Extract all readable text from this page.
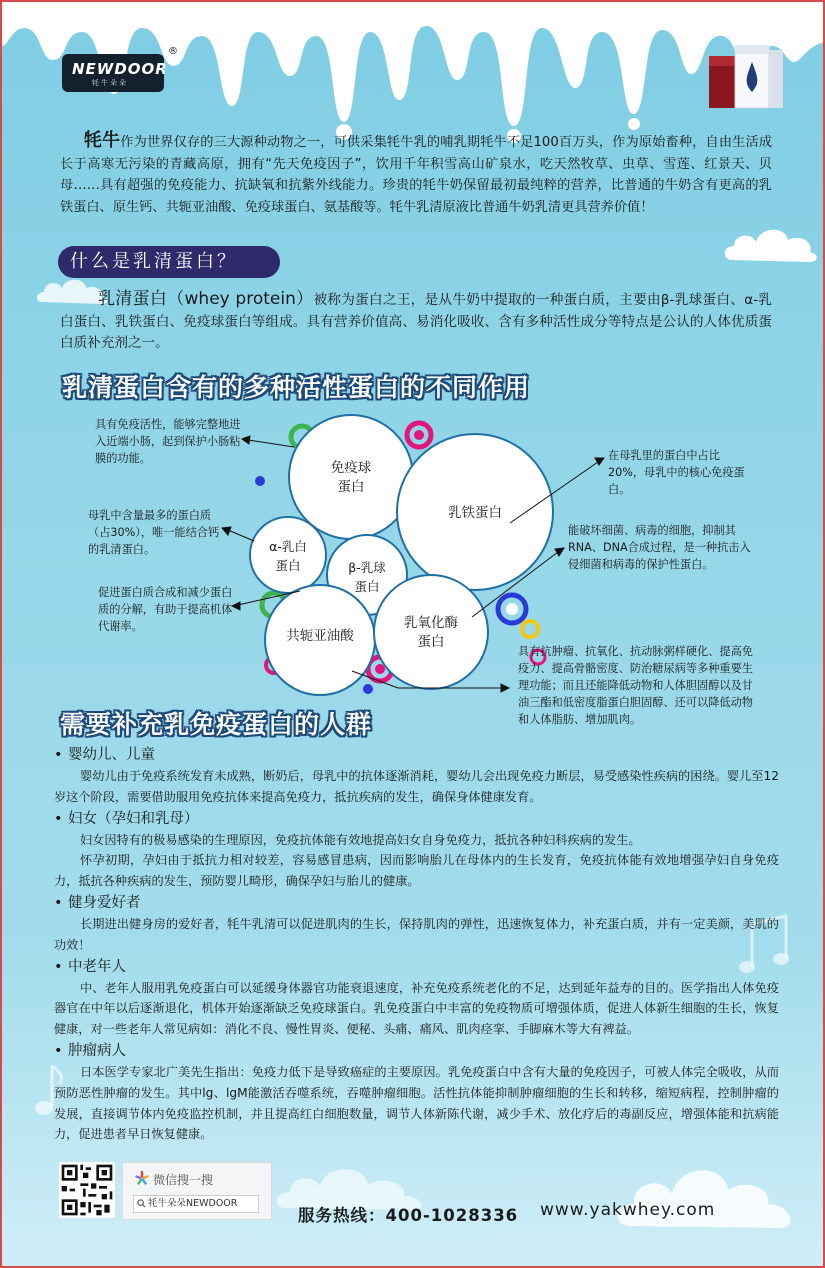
NEWDOOR
牦牛朵朵
®
牦牛作为世界仅存的三大源种动物之一，可供采集牦牛乳的哺乳期牦牛不足100百万头，作为原始畜种，自由生活成长于高寒无污染的青藏高原，拥有“先天免疫因子”，饮用千年积雪高山矿泉水，吃天然牧草、虫草、雪莲、红景天、贝母……具有超强的免疫能力、抗缺氧和抗紫外线能力。珍贵的牦牛奶保留最初最纯粹的营养，比普通的牛奶含有更高的乳铁蛋白、原生钙、共轭亚油酸、免疫球蛋白、氨基酸等。牦牛乳清原液比普通牛奶乳清更具营养价值！
什么是乳清蛋白？
乳清蛋白（whey protein）被称为蛋白之王，是从牛奶中提取的一种蛋白质，主要由β-乳球蛋白、α-乳白蛋白、乳铁蛋白、免疫球蛋白等组成。具有营养价值高、易消化吸收、含有多种活性成分等特点是公认的人体优质蛋白质补充剂之一。
乳清蛋白含有的多种活性蛋白的不同作用
免疫球
蛋白
乳铁蛋白
α-乳白
蛋白	β-乳球
蛋白
共轭亚油酸
乳氧化酶
蛋白
具有免疫活性，能够完整地进入近端小肠，起到保护小肠粘膜的功能。	在母乳里的蛋白中占比20%，母乳中的核心免疫蛋白。
母乳中含量最多的蛋白质（占30%），唯一能结合钙的乳清蛋白。
促进蛋白质合成和减少蛋白质的分解，有助于提高机体代谢率。
能破坏细菌、病毒的细胞，抑制其RNA、DNA合成过程，是一种抗击入侵细菌和病毒的保护性蛋白。
具有抗肿瘤、抗氧化、抗动脉粥样硬化、提高免疫力、提高骨骼密度、防治糖尿病等多种重要生理功能；而且还能降低动物和人体胆固醇以及甘油三酯和低密度脂蛋白胆固醇、还可以降低动物和人体脂肪、增加肌肉。
需要补充乳免疫蛋白的人群
• 婴幼儿、儿童
婴幼儿由于免疫系统发育未成熟，断奶后，母乳中的抗体逐渐消耗，婴幼儿会出现免疫力断层，易受感染性疾病的困绕。婴儿至12岁这个阶段，需要借助服用免疫抗体来提高免疫力，抵抗疾病的发生，确保身体健康发育。
• 妇女（孕妇和乳母）
妇女因特有的极易感染的生理原因，免疫抗体能有效地提高妇女自身免疫力，抵抗各种妇科疾病的发生。
怀孕初期，孕妇由于抵抗力相对较差，容易感冒患病，因而影响胎儿在母体内的生长发育，免疫抗体能有效地增强孕妇自身免疫力，抵抗各种疾病的发生，预防婴儿畸形，确保孕妇与胎儿的健康。
• 健身爱好者
长期进出健身房的爱好者，牦牛乳清可以促进肌肉的生长，保持肌肉的弹性，迅速恢复体力，补充蛋白质，并有一定美颜，美肌的功效！
• 中老年人
中、老年人服用乳免疫蛋白可以延缓身体器官功能衰退速度，补充免疫系统老化的不足，达到延年益寿的目的。医学指出人体免疫器官在中年以后逐渐退化，机体开始逐渐缺乏免疫球蛋白。乳免疫蛋白中丰富的免疫物质可增强体质，促进人体新生细胞的生长，恢复健康，对一些老年人常见病如：消化不良、慢性胃炎、便秘、头痛、痛风、肌肉痉挛、手脚麻木等大有裨益。
• 肿瘤病人
日本医学专家北广美先生指出：免疫力低下是导致癌症的主要原因。乳免疫蛋白中含有大量的免疫因子，可被人体完全吸收，从而预防恶性肿瘤的发生。其中lg、lgM能激活吞噬系统，吞噬肿瘤细胞。活性抗体能抑制肿瘤细胞的生长和转移，缩短病程，控制肿瘤的发展，直接调节体内免疫监控机制，并且提高红白细胞数量，调节人体新陈代谢，减少手术、放化疗后的毒副反应，增强体能和抗病能力，促进患者早日恢复健康。
微信搜一搜
牦牛朵朵NEWDOOR
服务热线：400-1028336 www.yakwhey.com
